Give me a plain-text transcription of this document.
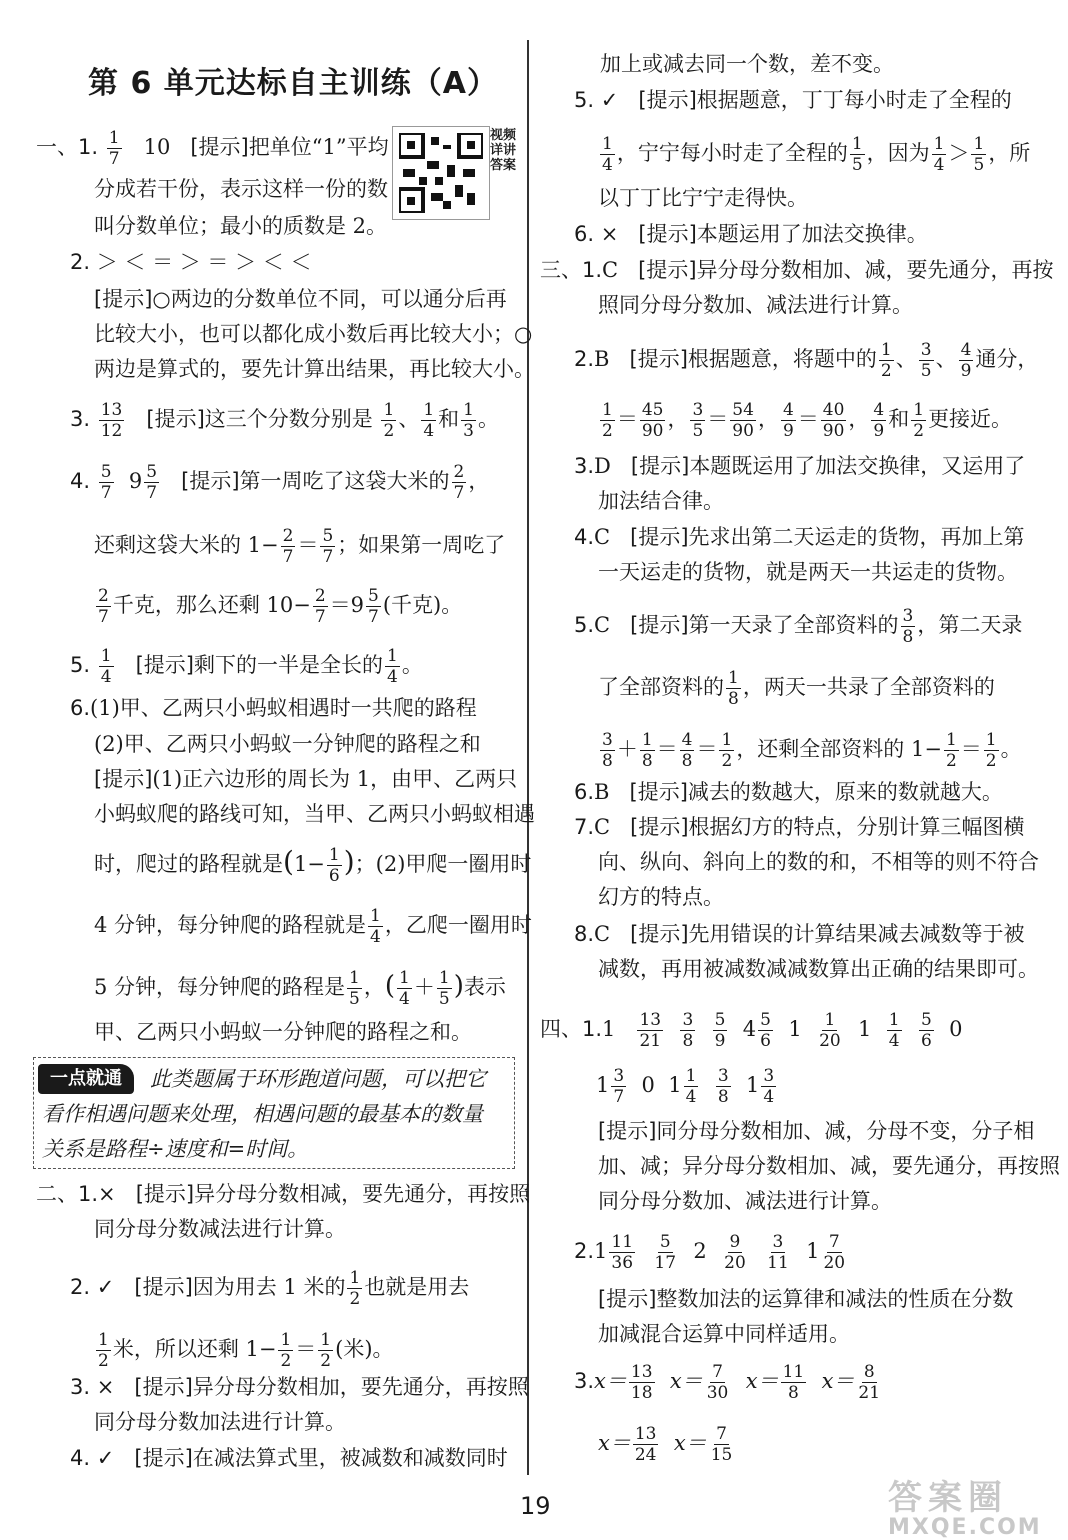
第 6 单元达标自主训练（A）
视频详讲答案
一、1. $\frac{1}{7} 10$ [提示]把单位“1”平均
分成若干份，表示这样一份的数
叫分数单位；最小的质数是 2。
2. ＞ ＜ ＝ ＞ ＝ ＞ ＜ ＜
[提示]○两边的分数单位不同，可以通分后再
比较大小，也可以都化成小数后再比较大小；○
两边是算式的，要先计算出结果，再比较大小。
3. $\frac{13}{12}$ [提示]这三个分数分别是 $\frac{1}{2}$ 、 $\frac{1}{4}$ 和 $\frac{1}{3}$ 。
4. $\frac{5}{7} 9 \frac{5}{7}$ [提示]第一周吃了这袋大米的 $\frac{2}{7}$ ，
还剩这袋大米的 $1- \frac{2}{7} = \frac{5}{7}$ ；如果第一周吃了
$\frac{2}{7}$ 千克，那么还剩 $10- \frac{2}{7} =9 \frac{5}{7}$ (千克)。
5. $\frac{1}{4}$ [提示]剩下的一半是全长的 $\frac{1}{4}$ 。
6.(1)甲、乙两只小蚂蚁相遇时一共爬的路程
(2)甲、乙两只小蚂蚁一分钟爬的路程之和
[提示](1)正六边形的周长为 1，由甲、乙两只
小蚂蚁爬的路线可知，当甲、乙两只小蚂蚁相遇
时，爬过的路程就是($1- \frac{1}{6}$ )；(2)甲爬一圈用时
4 分钟，每分钟爬的路程就是 $\frac{1}{4}$ ，乙爬一圈用时
5 分钟，每分钟爬的路程是 $\frac{1}{5}$ ，( $\frac{1}{4} + \frac{1}{5}$ )表示
甲、乙两只小蚂蚁一分钟爬的路程之和。
一点就通	此类题属于环形跑道问题，可以把它
看作相遇问题来处理，相遇问题的最基本的数量
关系是路程÷速度和=时间。
二、1.× [提示]异分母分数相减，要先通分，再按照
同分母分数减法进行计算。
2. ✓ [提示]因为用去 1 米的 $\frac{1}{2}$ 也就是用去
$\frac{1}{2}$ 米，所以还剩 $1- \frac{1}{2} = \frac{1}{2}$ (米)。
3. × [提示]异分母分数相加，要先通分，再按照
同分母分数加法进行计算。
4. ✓ [提示]在减法算式里，被减数和减数同时
加上或减去同一个数，差不变。
5. ✓ [提示]根据题意，丁丁每小时走了全程的
$\frac{1}{4}$ ，宁宁每小时走了全程的 $\frac{1}{5}$ ，因为 $\frac{1}{4} > \frac{1}{5}$ ，所
以丁丁比宁宁走得快。
6. × [提示]本题运用了加法交换律。
三、1.C [提示]异分母分数相加、减，要先通分，再按
照同分母分数加、减法进行计算。
2.B [提示]根据题意，将题中的 $\frac{1}{2}$ 、 $\frac{3}{5}$ 、 $\frac{4}{9}$ 通分，
$\frac{1}{2} = \frac{45}{90}$ ， $\frac{3}{5} = \frac{54}{90}$ ， $\frac{4}{9} = \frac{40}{90}$ ， $\frac{4}{9}$ 和 $\frac{1}{2}$ 更接近。
3.D [提示]本题既运用了加法交换律，又运用了
加法结合律。
4.C [提示]先求出第二天运走的货物，再加上第
一天运走的货物，就是两天一共运走的货物。
5.C [提示]第一天录了全部资料的 $\frac{3}{8}$ ，第二天录
了全部资料的 $\frac{1}{8}$ ，两天一共录了全部资料的
$\frac{3}{8} + \frac{1}{8} = \frac{4}{8} = \frac{1}{2}$ ，还剩全部资料的 $1- \frac{1}{2} = \frac{1}{2}$ 。
6.B [提示]减去的数越大，原来的数就越大。
7.C [提示]根据幻方的特点，分别计算三幅图横
向、纵向、斜向上的数的和，不相等的则不符合
幻方的特点。
8.C [提示]先用错误的计算结果减去减数等于被
减数，再用被减数减减数算出正确的结果即可。
四、$1.1 \frac{13}{21}$
$\frac{3}{8}$
$\frac{5}{9} 4 \frac{5}{6} 1 \frac{1}{20} 1 \frac{1}{4}$
$\frac{5}{6} 0$
$1 \frac{3}{7} 0$  $1 \frac{1}{4}$
$\frac{3}{8} 1 \frac{3}{4}$
[提示]同分母分数相加、减，分母不变，分子相
加、减；异分母分数相加、减，要先通分，再按照
同分母分数加、减法进行计算。
$2.1 \frac{11}{36}$
$\frac{5}{17} 2 \frac{9}{20}$
$\frac{3}{11} 1 \frac{7}{20}$
[提示]整数加法的运算律和减法的性质在分数
加减混合运算中同样适用。
$3.x= \frac{13}{18} x= \frac{7}{30} x= \frac{11}{8} x= \frac{8}{21}$
$x= \frac{13}{24} x= \frac{7}{15}$
19	答案圈
MXQE.COM
